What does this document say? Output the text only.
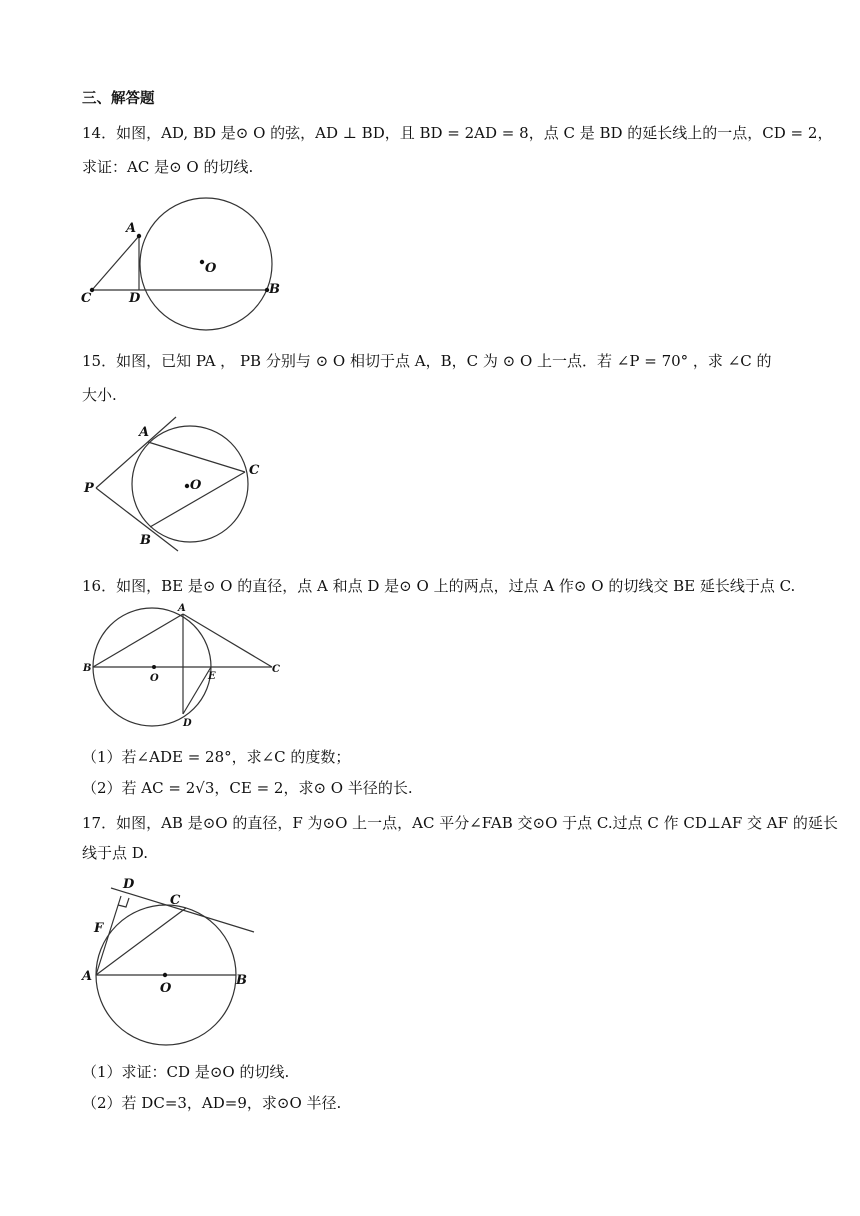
三、解答题
14．如图，AD, BD 是⊙ O 的弦，AD ⊥ BD，且 BD = 2AD = 8，点 C 是 BD 的延长线上的一点，CD = 2，
求证：AC 是⊙ O 的切线.
A
O
C	D
B
15．如图，已知 PA ， PB 分别与 ⊙ O 相切于点 A，B，C 为 ⊙ O 上一点．若 ∠P = 70° ，求 ∠C 的
大小.
A
P	O
C
B
16．如图，BE 是⊙ O 的直径，点 A 和点 D 是⊙ O 上的两点，过点 A 作⊙ O 的切线交 BE 延长线于点 C.
A
B
O	E
C
D
（1）若∠ADE = 28°，求∠C 的度数；
（2）若 AC = 2√3，CE = 2，求⊙ O 半径的长.
17．如图，AB 是⊙O 的直径，F 为⊙O 上一点，AC 平分∠FAB 交⊙O 于点 C.过点 C 作 CD⊥AF 交 AF 的延长
线于点 D.
D
C
F
A
O
B
（1）求证：CD 是⊙O 的切线.
（2）若 DC=3，AD=9，求⊙O 半径.
